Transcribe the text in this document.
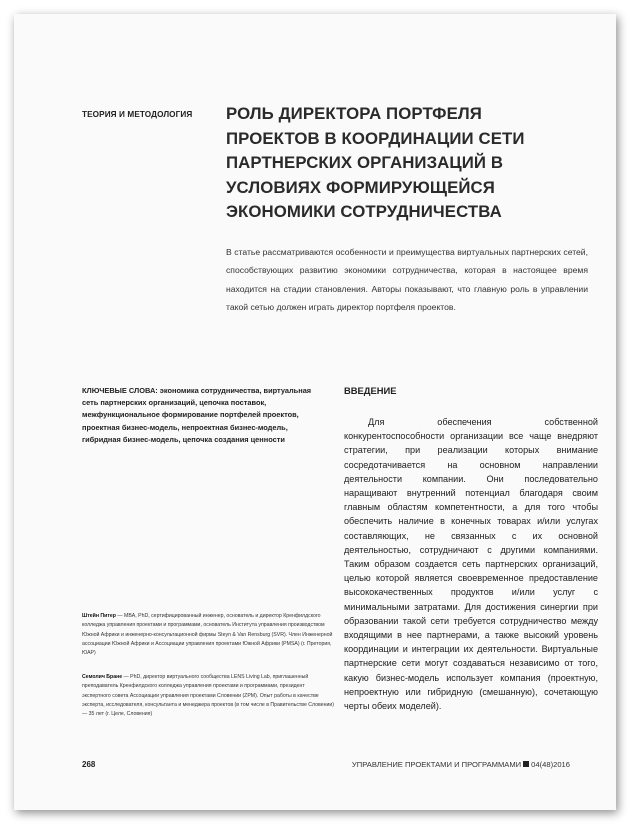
ТЕОРИЯ И МЕТОДОЛОГИЯ	РОЛЬ ДИРЕКТОРА ПОРТФЕЛЯ ПРОЕКТОВ В КООРДИНАЦИИ СЕТИ ПАРТНЕРСКИХ ОРГАНИЗАЦИЙ В УСЛОВИЯХ ФОРМИРУЮЩЕЙСЯ ЭКОНОМИКИ СОТРУДНИЧЕСТВА

В статье рассматриваются особенности и преимущества виртуальных партнерских сетей, способствующих развитию экономики сотрудничества, которая в настоящее время находится на стадии становления. Авторы показывают, что главную роль в управлении такой сетью должен играть директор портфеля проектов.

КЛЮЧЕВЫЕ СЛОВА: экономика сотрудничества, виртуальная сеть партнерских организаций, цепочка поставок, межфункциональное формирование портфелей проектов, проектная бизнес-модель, непроектная бизнес-модель, гибридная бизнес-модель, цепочка создания ценности

Штейн Питер — MBA, PhD, сертифицированный инженер, основатель и директор Кренфилдского колледжа управления проектами и программами, основатель Института управления производством Южной Африки и инженерно-консультационной фирмы Steyn & Van Rensburg (SVR). Член Инженерной ассоциации Южной Африки и Ассоциации управления проектами Южной Африки (PMSA) (г. Претория, ЮАР)

Семолич Бране — PhD, директор виртуального сообщества LENS Living Lab, приглашенный преподаватель Кренфилдского колледжа управления проектами и программами, президент экспертного совета Ассоциации управления проектами Словении (ZPM). Опыт работы в качестве эксперта, исследователя, консультанта и менеджера проектов (в том числе в Правительстве Словении) — 35 лет (г. Целе, Словения)

ВВЕДЕНИЕ

Для обеспечения собственной конкурентоспособности организации все чаще внедряют стратегии, при реализации которых внимание сосредотачивается на основном направлении деятельности компании. Они последовательно наращивают внутренний потенциал благодаря своим главным областям компетентности, а для того чтобы обеспечить наличие в конечных товарах и/или услугах составляющих, не связанных с их основной деятельностью, сотрудничают с другими компаниями. Таким образом создается сеть партнерских организаций, целью которой является своевременное предоставление высококачественных продуктов и/или услуг с минимальными затратами. Для достижения синергии при образовании такой сети требуется сотрудничество между входящими в нее партнерами, а также высокий уровень координации и интеграции их деятельности. Виртуальные партнерские сети могут создаваться независимо от того, какую бизнес-модель использует компания (проектную, непроектную или гибридную (смешанную), сочетающую черты обеих моделей).

268	УПРАВЛЕНИЕ ПРОЕКТАМИ И ПРОГРАММАМИ 04(48)2016
